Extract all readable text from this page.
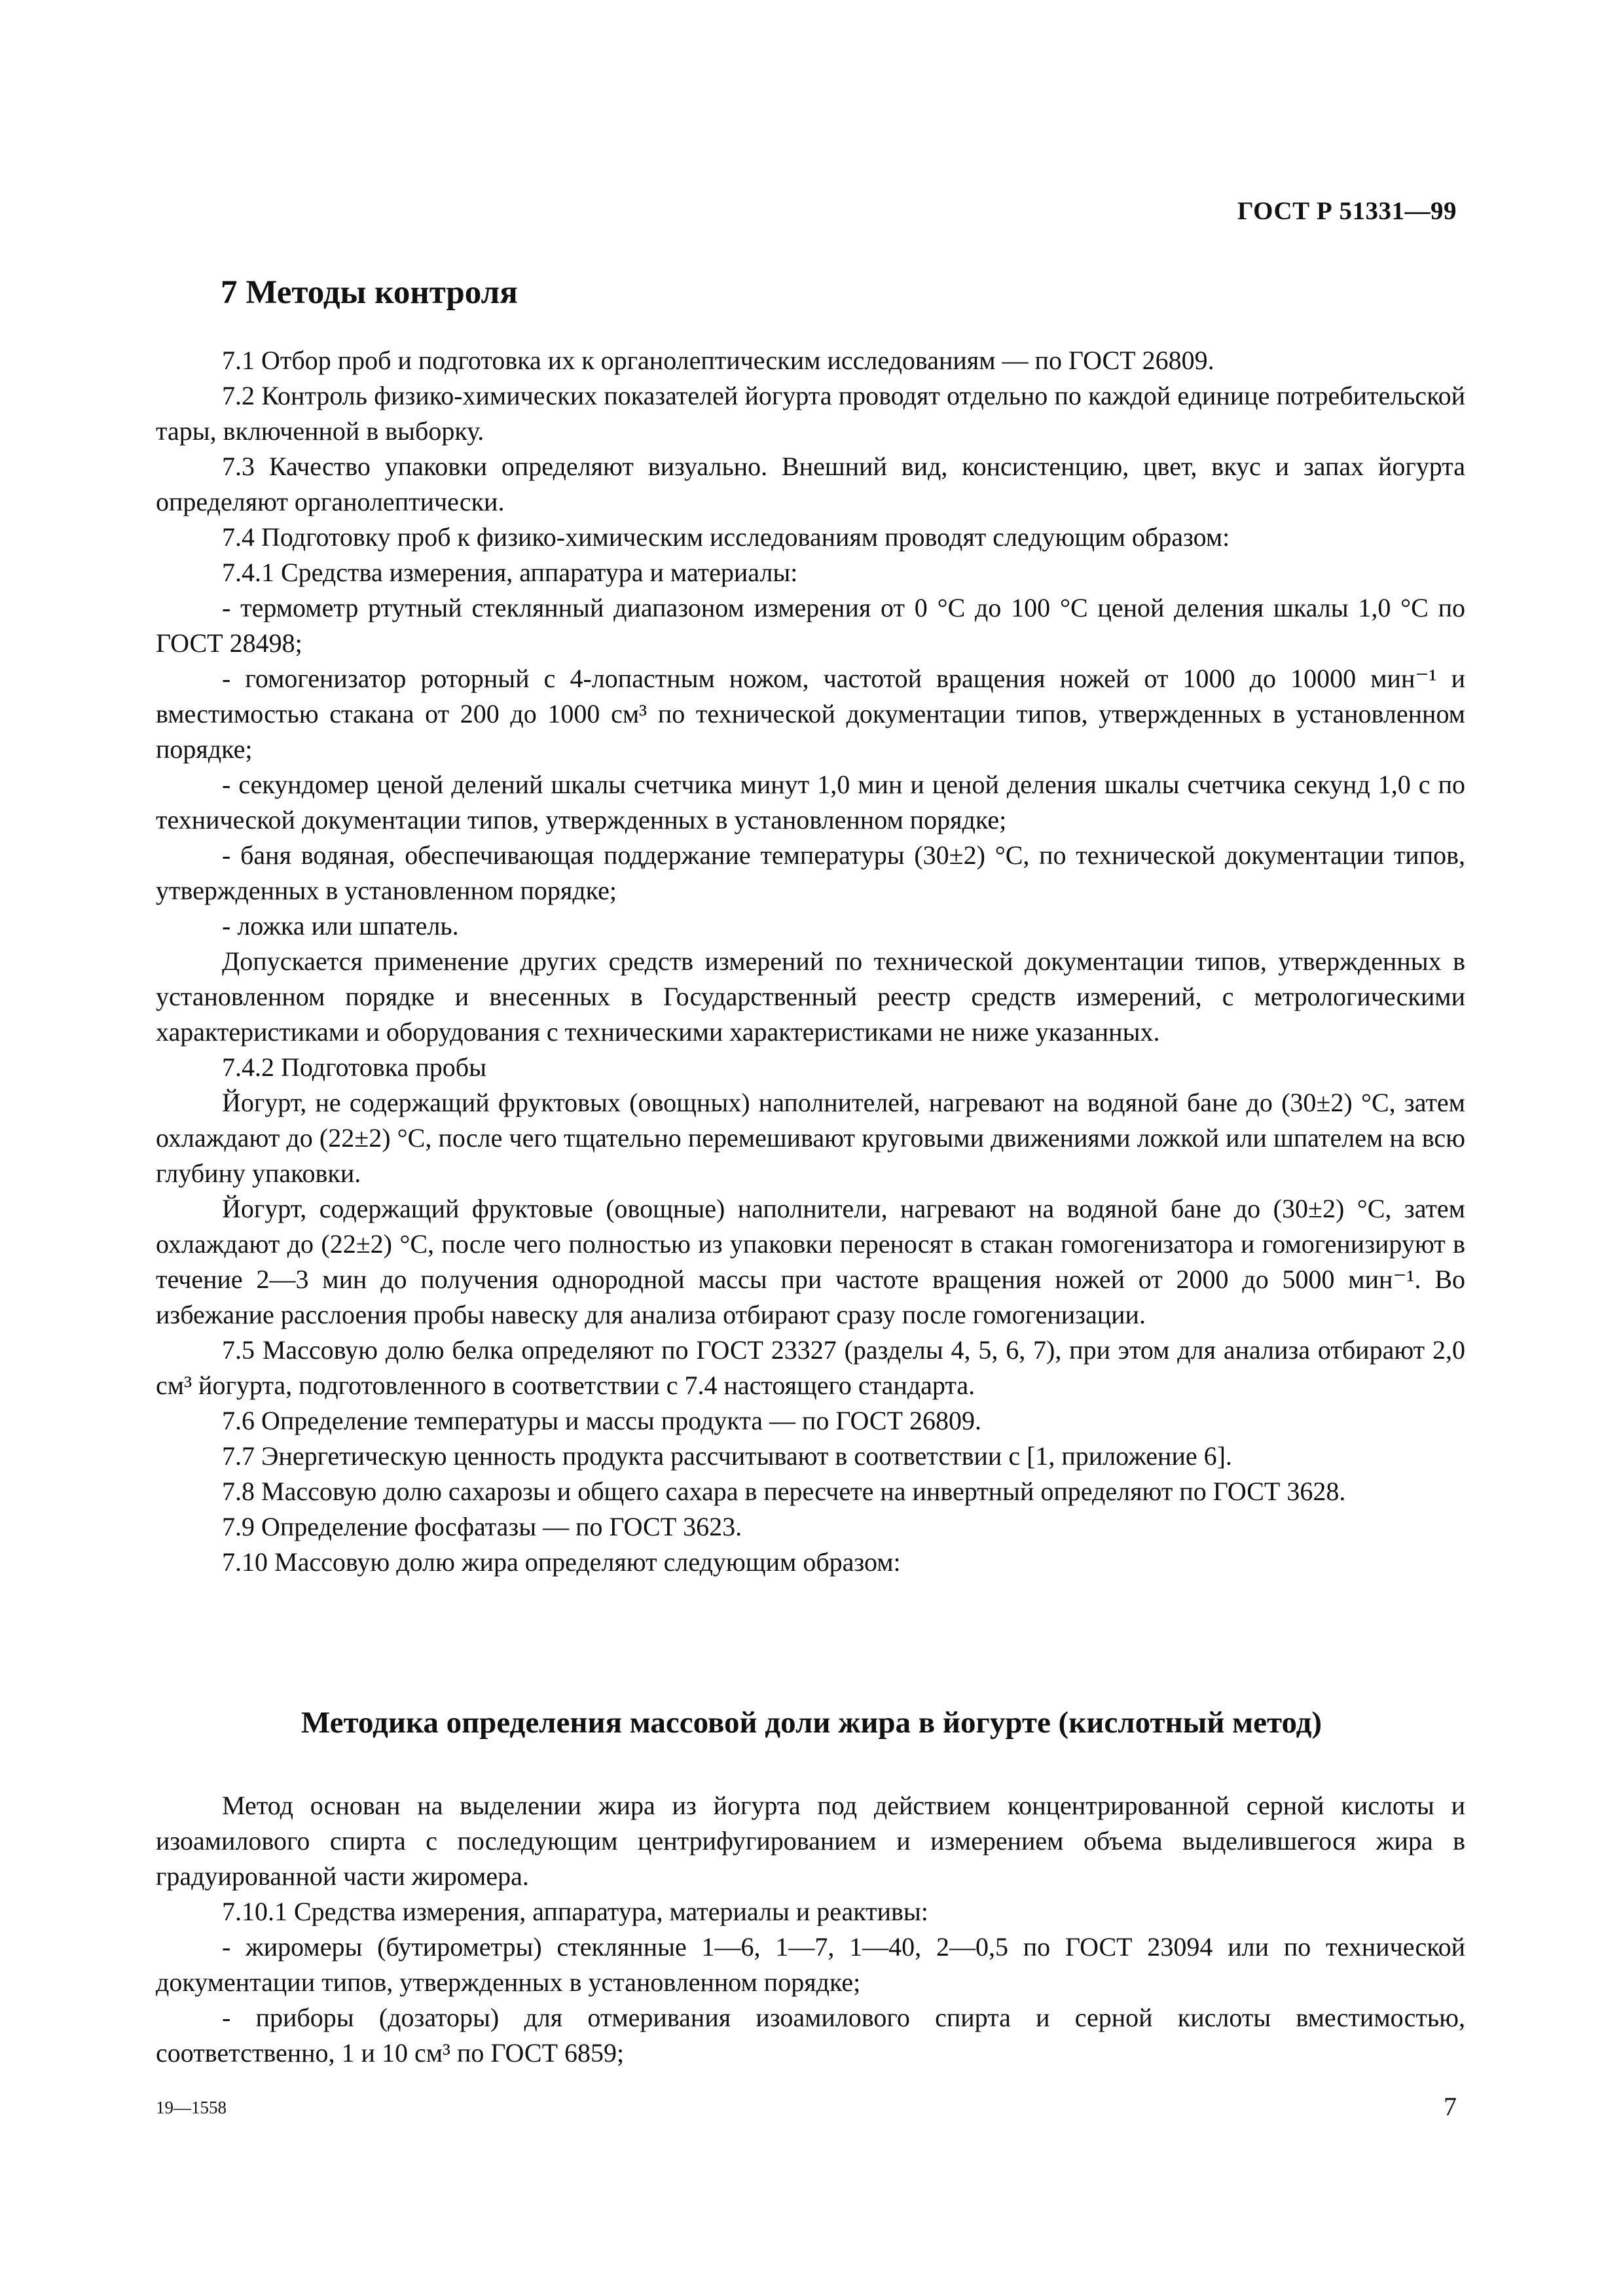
ГОСТ Р 51331—99
7 Методы контроля

7.1 Отбор проб и подготовка их к органолептическим исследованиям — по ГОСТ 26809.

7.2 Контроль физико-химических показателей йогурта проводят отдельно по каждой единице потребительской тары, включенной в выборку.

7.3 Качество упаковки определяют визуально. Внешний вид, консистенцию, цвет, вкус и запах йогурта определяют органолептически.

7.4 Подготовку проб к физико-химическим исследованиям проводят следующим образом:

7.4.1 Средства измерения, аппаратура и материалы:

- термометр ртутный стеклянный диапазоном измерения от 0 °С до 100 °С ценой деления шкалы 1,0 °С по ГОСТ 28498;

- гомогенизатор роторный с 4-лопастным ножом, частотой вращения ножей от 1000 до 10000 мин⁻¹ и вместимостью стакана от 200 до 1000 см³ по технической документации типов, утвержденных в установленном порядке;

- секундомер ценой делений шкалы счетчика минут 1,0 мин и ценой деления шкалы счетчика секунд 1,0 с по технической документации типов, утвержденных в установленном порядке;

- баня водяная, обеспечивающая поддержание температуры (30±2) °С, по технической документации типов, утвержденных в установленном порядке;

- ложка или шпатель.

Допускается применение других средств измерений по технической документации типов, утвержденных в установленном порядке и внесенных в Государственный реестр средств измерений, с метрологическими характеристиками и оборудования с техническими характеристиками не ниже указанных.

7.4.2 Подготовка пробы

Йогурт, не содержащий фруктовых (овощных) наполнителей, нагревают на водяной бане до (30±2) °С, затем охлаждают до (22±2) °С, после чего тщательно перемешивают круговыми движениями ложкой или шпателем на всю глубину упаковки.

Йогурт, содержащий фруктовые (овощные) наполнители, нагревают на водяной бане до (30±2) °С, затем охлаждают до (22±2) °С, после чего полностью из упаковки переносят в стакан гомогенизатора и гомогенизируют в течение 2—3 мин до получения однородной массы при частоте вращения ножей от 2000 до 5000 мин⁻¹. Во избежание расслоения пробы навеску для анализа отбирают сразу после гомогенизации.

7.5 Массовую долю белка определяют по ГОСТ 23327 (разделы 4, 5, 6, 7), при этом для анализа отбирают 2,0 см³ йогурта, подготовленного в соответствии с 7.4 настоящего стандарта.

7.6 Определение температуры и массы продукта — по ГОСТ 26809.

7.7 Энергетическую ценность продукта рассчитывают в соответствии с [1, приложение 6].

7.8 Массовую долю сахарозы и общего сахара в пересчете на инвертный определяют по ГОСТ 3628.

7.9 Определение фосфатазы — по ГОСТ 3623.

7.10 Массовую долю жира определяют следующим образом:

Методика определения массовой доли жира в йогурте (кислотный метод)

Метод основан на выделении жира из йогурта под действием концентрированной серной кислоты и изоамилового спирта с последующим центрифугированием и измерением объема выделившегося жира в градуированной части жиромера.

7.10.1 Средства измерения, аппаратура, материалы и реактивы:

- жиромеры (бутирометры) стеклянные 1—6, 1—7, 1—40, 2—0,5 по ГОСТ 23094 или по технической документации типов, утвержденных в установленном порядке;

- приборы (дозаторы) для отмеривания изоамилового спирта и серной кислоты вместимостью, соответственно, 1 и 10 см³ по ГОСТ 6859;

19—1558	7
